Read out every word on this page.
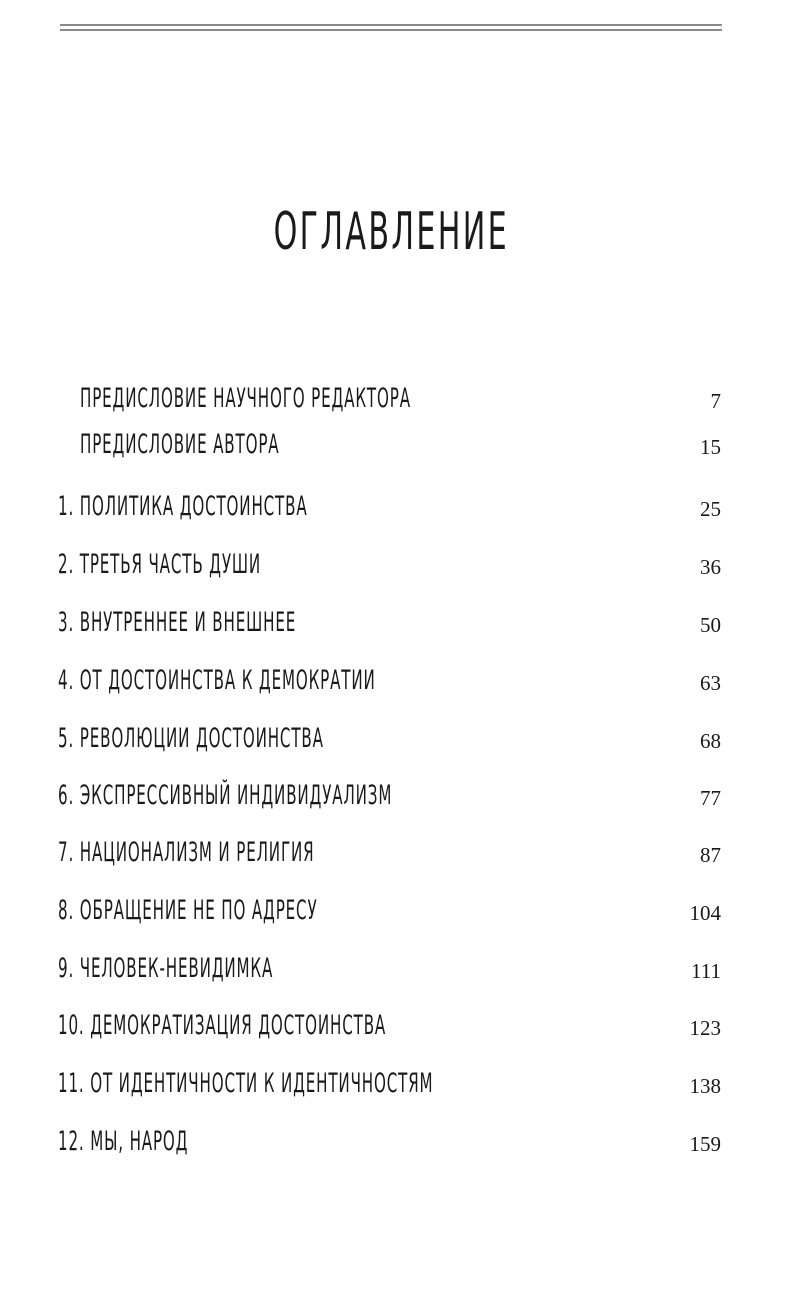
ОГЛАВЛЕНИЕ
ПРЕДИСЛОВИЕ НАУЧНОГО РЕДАКТОРА	7
ПРЕДИСЛОВИЕ АВТОРА	15
1. ПОЛИТИКА ДОСТОИНСТВА	25
2. ТРЕТЬЯ ЧАСТЬ ДУШИ	36
3. ВНУТРЕННЕЕ И ВНЕШНЕЕ	50
4. ОТ ДОСТОИНСТВА К ДЕМОКРАТИИ	63
5. РЕВОЛЮЦИИ ДОСТОИНСТВА	68
6. ЭКСПРЕССИВНЫЙ ИНДИВИДУАЛИЗМ	77
7. НАЦИОНАЛИЗМ И РЕЛИГИЯ	87
8. ОБРАЩЕНИЕ НЕ ПО АДРЕСУ	104
9. ЧЕЛОВЕК-НЕВИДИМКА	111
10. ДЕМОКРАТИЗАЦИЯ ДОСТОИНСТВА	123
11. ОТ ИДЕНТИЧНОСТИ К ИДЕНТИЧНОСТЯМ	138
12. МЫ, НАРОД	159
